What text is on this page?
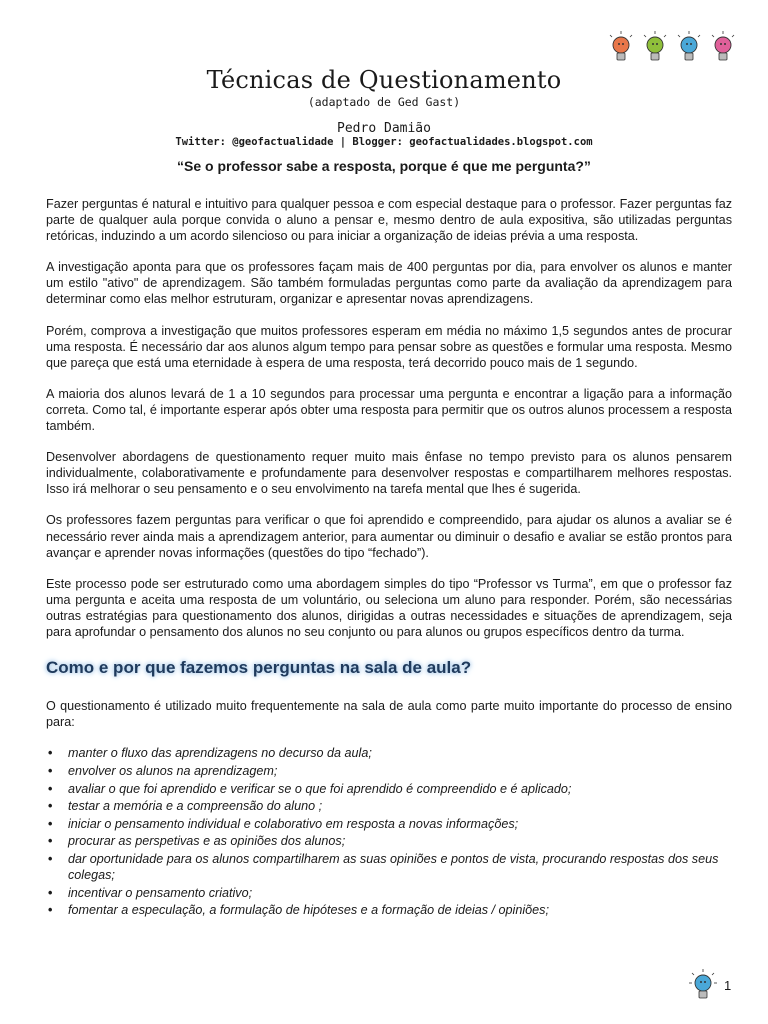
Técnicas de Questionamento
(adaptado de Ged Gast)
Pedro Damião
Twitter: @geofactualidade | Blogger: geofactualidades.blogspot.com
“Se o professor sabe a resposta, porque é que me pergunta?”

Fazer perguntas é natural e intuitivo para qualquer pessoa e com especial destaque para o professor. Fazer perguntas faz parte de qualquer aula porque convida o aluno a pensar e, mesmo dentro de aula expositiva, são utilizadas perguntas retóricas, induzindo a um acordo silencioso ou para iniciar a organização de ideias prévia a uma resposta.

A investigação aponta para que os professores façam mais de 400 perguntas por dia, para envolver os alunos e manter um estilo "ativo" de aprendizagem. São também formuladas perguntas como parte da avaliação da aprendizagem para determinar como elas melhor estruturam, organizar e apresentar novas aprendizagens.

Porém, comprova a investigação que muitos professores esperam em média no máximo 1,5 segundos antes de procurar uma resposta. É necessário dar aos alunos algum tempo para pensar sobre as questões e formular uma resposta. Mesmo que pareça que está uma eternidade à espera de uma resposta, terá decorrido pouco mais de 1 segundo.

A maioria dos alunos levará de 1 a 10 segundos para processar uma pergunta e encontrar a ligação para a informação correta. Como tal, é importante esperar após obter uma resposta para permitir que os outros alunos processem a resposta também.

Desenvolver abordagens de questionamento requer muito mais ênfase no tempo previsto para os alunos pensarem individualmente, colaborativamente e profundamente para desenvolver respostas e compartilharem melhores respostas. Isso irá melhorar o seu pensamento e o seu envolvimento na tarefa mental que lhes é sugerida.

Os professores fazem perguntas para verificar o que foi aprendido e compreendido, para ajudar os alunos a avaliar se é necessário rever ainda mais a aprendizagem anterior, para aumentar ou diminuir o desafio e avaliar se estão prontos para avançar e aprender novas informações (questões do tipo “fechado”).

Este processo pode ser estruturado como uma abordagem simples do tipo “Professor vs Turma”, em que o professor faz uma pergunta e aceita uma resposta de um voluntário, ou seleciona um aluno para responder. Porém, são necessárias outras estratégias para questionamento dos alunos, dirigidas a outras necessidades e situações de aprendizagem, seja para aprofundar o pensamento dos alunos no seu conjunto ou para alunos ou grupos específicos dentro da turma.

Como e por que fazemos perguntas na sala de aula?

O questionamento é utilizado muito frequentemente na sala de aula como parte muito importante do processo de ensino para:

• manter o fluxo das aprendizagens no decurso da aula;
• envolver os alunos na aprendizagem;
• avaliar o que foi aprendido e verificar se o que foi aprendido é compreendido e é aplicado;
• testar a memória e a compreensão do aluno ;
• iniciar o pensamento individual e colaborativo em resposta a novas informações;
• procurar as perspetivas e as opiniões dos alunos;
• dar oportunidade para os alunos compartilharem as suas opiniões e pontos de vista, procurando respostas dos seus colegas;
• incentivar o pensamento criativo;
• fomentar a especulação, a formulação de hipóteses e a formação de ideias / opiniões;
1
